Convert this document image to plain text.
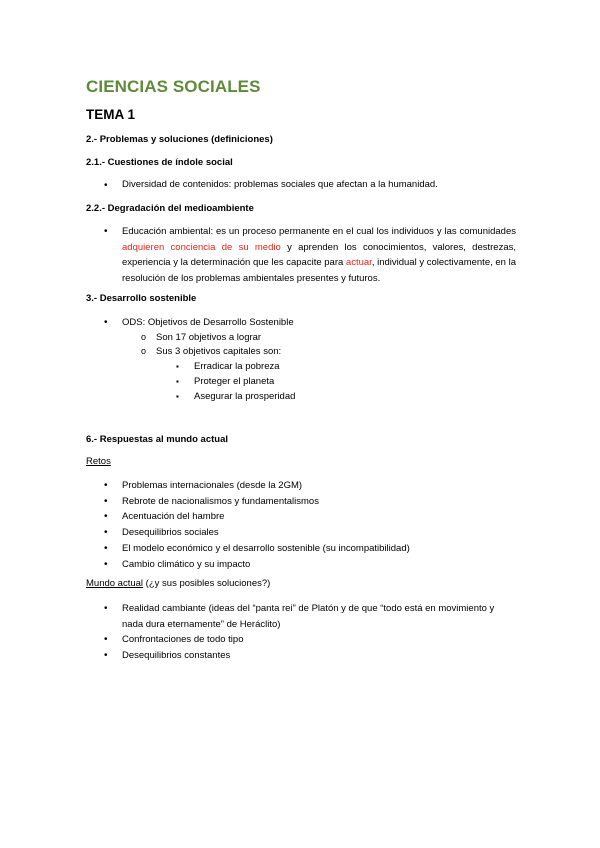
CIENCIAS SOCIALES
TEMA 1
2.- Problemas y soluciones (definiciones)
2.1.- Cuestiones de índole social
• Diversidad de contenidos: problemas sociales que afectan a la humanidad.
2.2.- Degradación del medioambiente
• Educación ambiental: es un proceso permanente en el cual los individuos y las comunidades adquieren conciencia de su medio y aprenden los conocimientos, valores, destrezas, experiencia y la determinación que les capacite para actuar, individual y colectivamente, en la resolución de los problemas ambientales presentes y futuros.
3.- Desarrollo sostenible
• ODS: Objetivos de Desarrollo Sostenible
o Son 17 objetivos a lograr
o Sus 3 objetivos capitales son:
▪ Erradicar la pobreza
▪ Proteger el planeta
▪ Asegurar la prosperidad
6.- Respuestas al mundo actual
Retos
• Problemas internacionales (desde la 2GM)
• Rebrote de nacionalismos y fundamentalismos
• Acentuación del hambre
• Desequilibrios sociales
• El modelo económico y el desarrollo sostenible (su incompatibilidad)
• Cambio climático y su impacto
Mundo actual (¿y sus posibles soluciones?)
• Realidad cambiante (ideas del “panta rei” de Platón y de que “todo está en movimiento y nada dura eternamente” de Heráclito)
• Confrontaciones de todo tipo
• Desequilibrios constantes
